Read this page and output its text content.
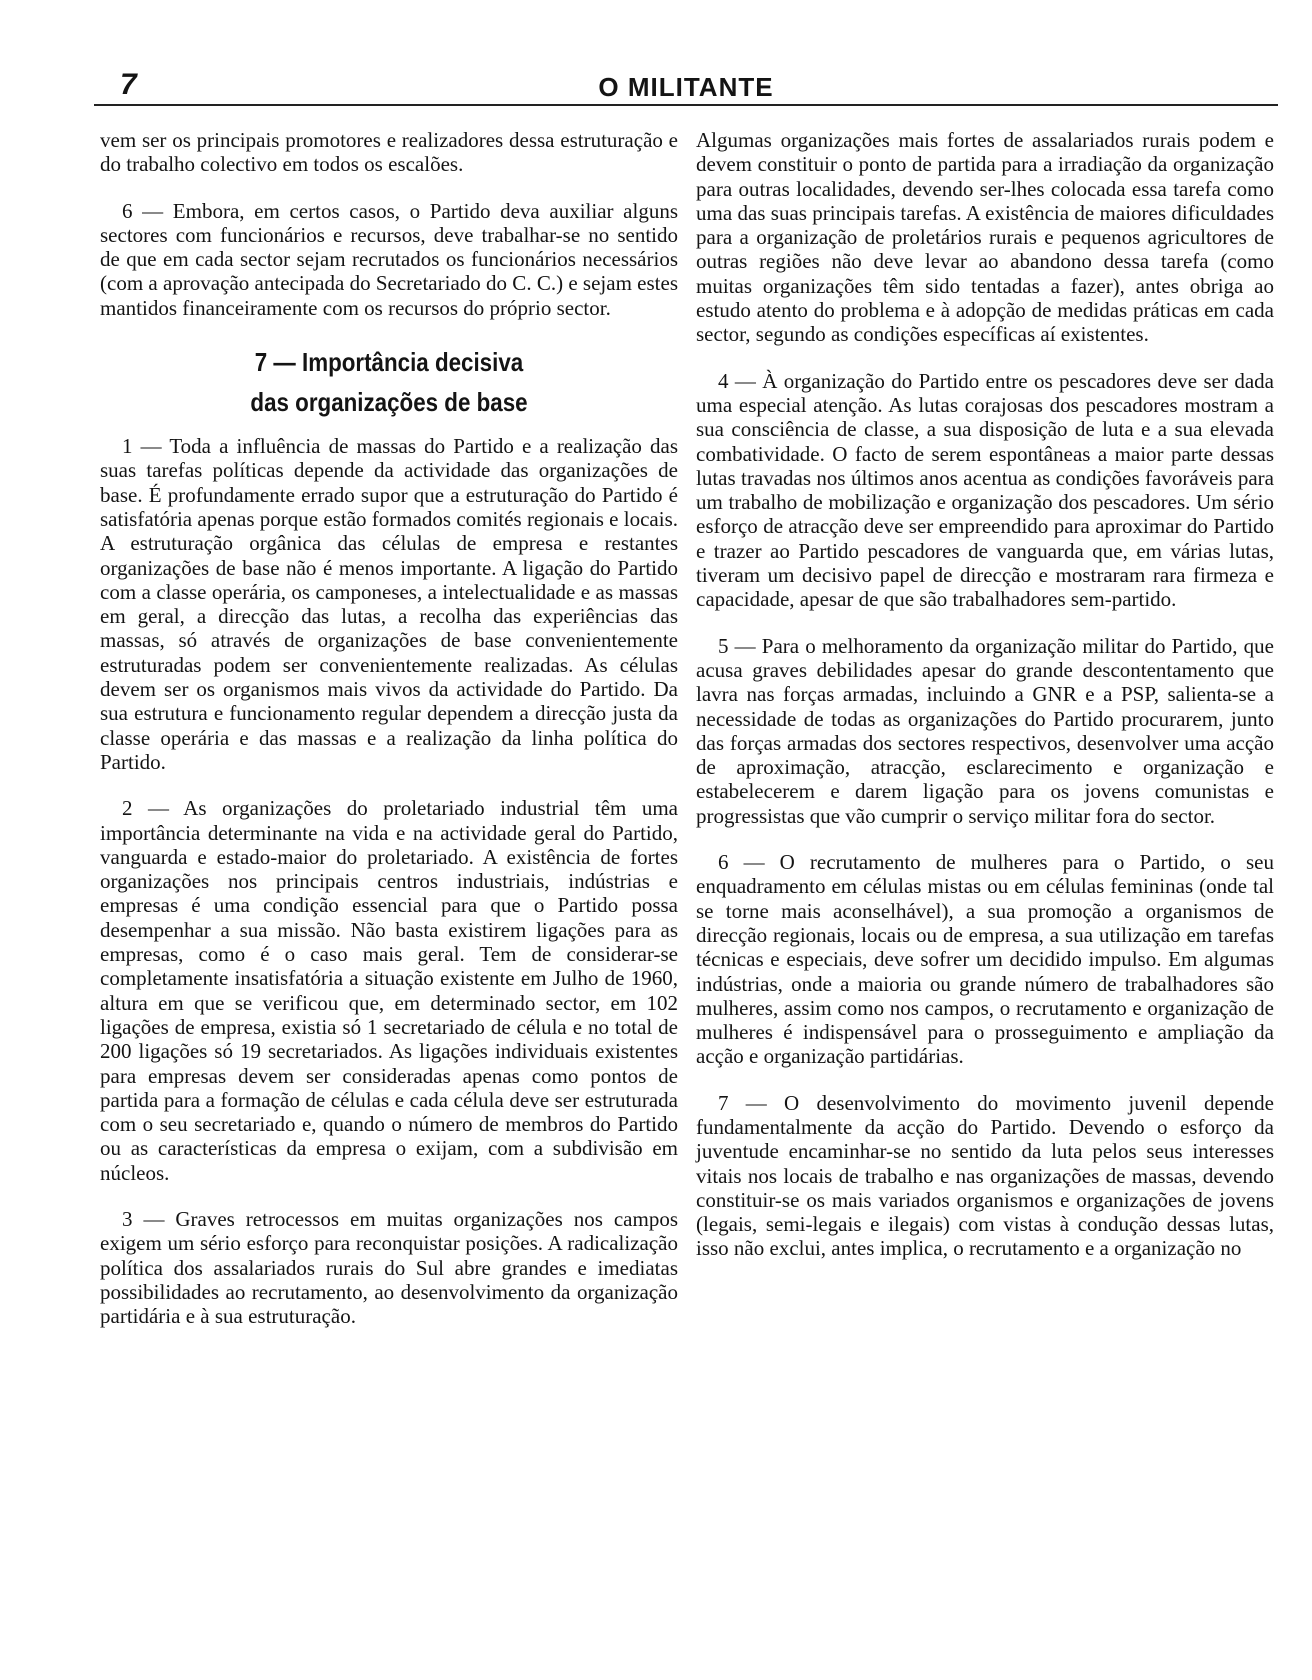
7	O MILITANTE

vem ser os principais promotores e realizadores dessa estruturação e do trabalho colectivo em todos os escalões.

6 — Embora, em certos casos, o Partido deva auxiliar alguns sectores com funcionários e recursos, deve trabalhar-se no sentido de que em cada sector sejam recrutados os funcionários necessários (com a aprovação antecipada do Secretariado do C. C.) e sejam estes mantidos financeiramente com os recursos do próprio sector.

7 — Importância decisiva
das organizações de base

1 — Toda a influência de massas do Partido e a realização das suas tarefas políticas depende da actividade das organizações de base. É profundamente errado supor que a estruturação do Partido é satisfatória apenas porque estão formados comités regionais e locais. A estruturação orgânica das células de empresa e restantes organizações de base não é menos importante. A ligação do Partido com a classe operária, os camponeses, a intelectualidade e as massas em geral, a direcção das lutas, a recolha das experiências das massas, só através de organizações de base convenientemente estruturadas podem ser convenientemente realizadas. As células devem ser os organismos mais vivos da actividade do Partido. Da sua estrutura e funcionamento regular dependem a direcção justa da classe operária e das massas e a realização da linha política do Partido.

2 — As organizações do proletariado industrial têm uma importância determinante na vida e na actividade geral do Partido, vanguarda e estado-maior do proletariado. A existência de fortes organizações nos principais centros industriais, indústrias e empresas é uma condição essencial para que o Partido possa desempenhar a sua missão. Não basta existirem ligações para as empresas, como é o caso mais geral. Tem de considerar-se completamente insatisfatória a situação existente em Julho de 1960, altura em que se verificou que, em determinado sector, em 102 ligações de empresa, existia só 1 secretariado de célula e no total de 200 ligações só 19 secretariados. As ligações individuais existentes para empresas devem ser consideradas apenas como pontos de partida para a formação de células e cada célula deve ser estruturada com o seu secretariado e, quando o número de membros do Partido ou as características da empresa o exijam, com a subdivisão em núcleos.

3 — Graves retrocessos em muitas organizações nos campos exigem um sério esforço para reconquistar posições. A radicalização política dos assalariados rurais do Sul abre grandes e imediatas possibilidades ao recrutamento, ao desenvolvimento da organização partidária e à sua estruturação.

Algumas organizações mais fortes de assalariados rurais podem e devem constituir o ponto de partida para a irradiação da organização para outras localidades, devendo ser-lhes colocada essa tarefa como uma das suas principais tarefas. A existência de maiores dificuldades para a organização de proletários rurais e pequenos agricultores de outras regiões não deve levar ao abandono dessa tarefa (como muitas organizações têm sido tentadas a fazer), antes obriga ao estudo atento do problema e à adopção de medidas práticas em cada sector, segundo as condições específicas aí existentes.

4 — À organização do Partido entre os pescadores deve ser dada uma especial atenção. As lutas corajosas dos pescadores mostram a sua consciência de classe, a sua disposição de luta e a sua elevada combatividade. O facto de serem espontâneas a maior parte dessas lutas travadas nos últimos anos acentua as condições favoráveis para um trabalho de mobilização e organização dos pescadores. Um sério esforço de atracção deve ser empreendido para aproximar do Partido e trazer ao Partido pescadores de vanguarda que, em várias lutas, tiveram um decisivo papel de direcção e mostraram rara firmeza e capacidade, apesar de que são trabalhadores sem-partido.

5 — Para o melhoramento da organização militar do Partido, que acusa graves debilidades apesar do grande descontentamento que lavra nas forças armadas, incluindo a GNR e a PSP, salienta-se a necessidade de todas as organizações do Partido procurarem, junto das forças armadas dos sectores respectivos, desenvolver uma acção de aproximação, atracção, esclarecimento e organização e estabelecerem e darem ligação para os jovens comunistas e progressistas que vão cumprir o serviço militar fora do sector.

6 — O recrutamento de mulheres para o Partido, o seu enquadramento em células mistas ou em células femininas (onde tal se torne mais aconselhável), a sua promoção a organismos de direcção regionais, locais ou de empresa, a sua utilização em tarefas técnicas e especiais, deve sofrer um decidido impulso. Em algumas indústrias, onde a maioria ou grande número de trabalhadores são mulheres, assim como nos campos, o recrutamento e organização de mulheres é indispensável para o prosseguimento e ampliação da acção e organização partidárias.

7 — O desenvolvimento do movimento juvenil depende fundamentalmente da acção do Partido. Devendo o esforço da juventude encaminhar-se no sentido da luta pelos seus interesses vitais nos locais de trabalho e nas organizações de massas, devendo constituir-se os mais variados organismos e organizações de jovens (legais, semi-legais e ilegais) com vistas à condução dessas lutas, isso não exclui, antes implica, o recrutamento e a organização no
